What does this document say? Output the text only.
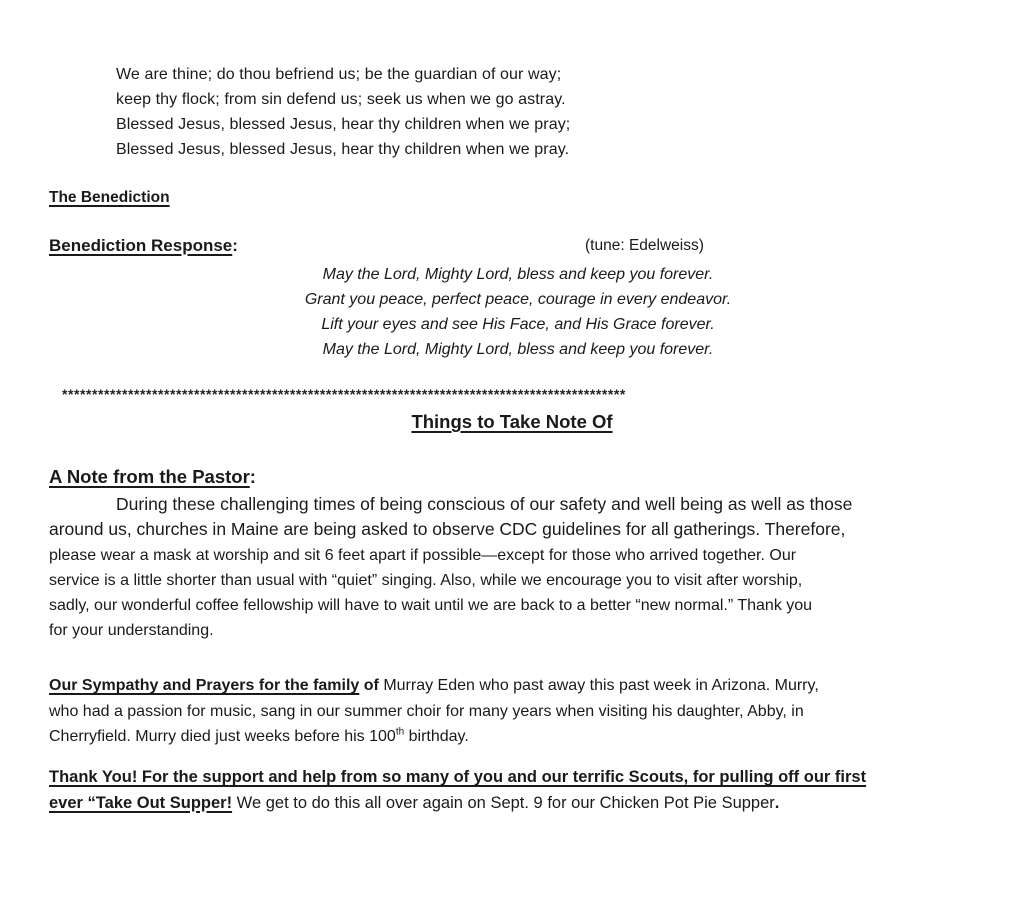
We are thine; do thou befriend us; be the guardian of our way;
keep thy flock; from sin defend us; seek us when we go astray.
Blessed Jesus, blessed Jesus, hear thy children when we pray;
Blessed Jesus, blessed Jesus, hear thy children when we pray.
The Benediction
Benediction Response:	(tune: Edelweiss)
May the Lord, Mighty Lord, bless and keep you forever.
Grant you peace, perfect peace, courage in every endeavor.
Lift your eyes and see His Face, and His Grace forever.
May the Lord, Mighty Lord, bless and keep you forever.
**********************************************************************************************
Things to Take Note Of
A Note from the Pastor:
During these challenging times of being conscious of our safety and well being as well as those
around us, churches in Maine are being asked to observe CDC guidelines for all gatherings. Therefore,
please wear a mask at worship and sit 6 feet apart if possible—except for those who arrived together. Our
service is a little shorter than usual with “quiet” singing. Also, while we encourage you to visit after worship,
sadly, our wonderful coffee fellowship will have to wait until we are back to a better “new normal.” Thank you
for your understanding.
Our Sympathy and Prayers for the family of Murray Eden who past away this past week in Arizona. Murry,
who had a passion for music, sang in our summer choir for many years when visiting his daughter, Abby, in
Cherryfield. Murry died just weeks before his 100th birthday.
Thank You! For the support and help from so many of you and our terrific Scouts, for pulling off our first
ever “Take Out Supper! We get to do this all over again on Sept. 9 for our Chicken Pot Pie Supper.
